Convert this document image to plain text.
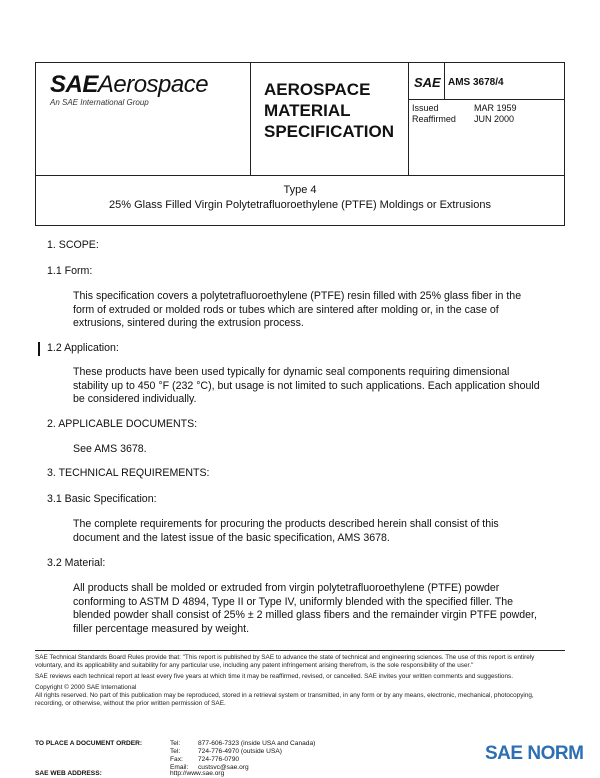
SAEAerospace
An SAE International Group
AEROSPACE
MATERIAL
SPECIFICATION
SAE AMS 3678/4
Issued	MAR 1959
Reaffirmed JUN 2000
Type 4
25% Glass Filled Virgin Polytetrafluoroethylene (PTFE) Moldings or Extrusions
1. SCOPE:
1.1 Form:
This specification covers a polytetrafluoroethylene (PTFE) resin filled with 25% glass fiber in the
form of extruded or molded rods or tubes which are sintered after molding or, in the case of
extrusions, sintered during the extrusion process.
1.2 Application:
These products have been used typically for dynamic seal components requiring dimensional
stability up to 450 °F (232 °C), but usage is not limited to such applications. Each application should
be considered individually.
2. APPLICABLE DOCUMENTS:
See AMS 3678.
3. TECHNICAL REQUIREMENTS:
3.1 Basic Specification:
The complete requirements for procuring the products described herein shall consist of this
document and the latest issue of the basic specification, AMS 3678.
3.2 Material:
All products shall be molded or extruded from virgin polytetrafluoroethylene (PTFE) powder
conforming to ASTM D 4894, Type II or Type IV, uniformly blended with the specified filler. The
blended powder shall consist of 25% ± 2 milled glass fibers and the remainder virgin PTFE powder,
filler percentage measured by weight.
SAE Technical Standards Board Rules provide that: "This report is published by SAE to advance the state of technical and engineering sciences. The use of this report is entirely
voluntary, and its applicability and suitability for any particular use, including any patent infringement arising therefrom, is the sole responsibility of the user."
SAE reviews each technical report at least every five years at which time it may be reaffirmed, revised, or cancelled. SAE invites your written comments and suggestions.
Copyright © 2000 SAE International
All rights reserved. No part of this publication may be reproduced, stored in a retrieval system or transmitted, in any form or by any means, electronic, mechanical, photocopying,
recording, or otherwise, without the prior written permission of SAE.
TO PLACE A DOCUMENT ORDER:	Tel:	877-606-7323 (inside USA and Canada)
Tel:	724-776-4970 (outside USA)
Fax: 724-776-0790
Email: custsvc@sae.org
SAE WEB ADDRESS:	http://www.sae.org
SAE NORM
